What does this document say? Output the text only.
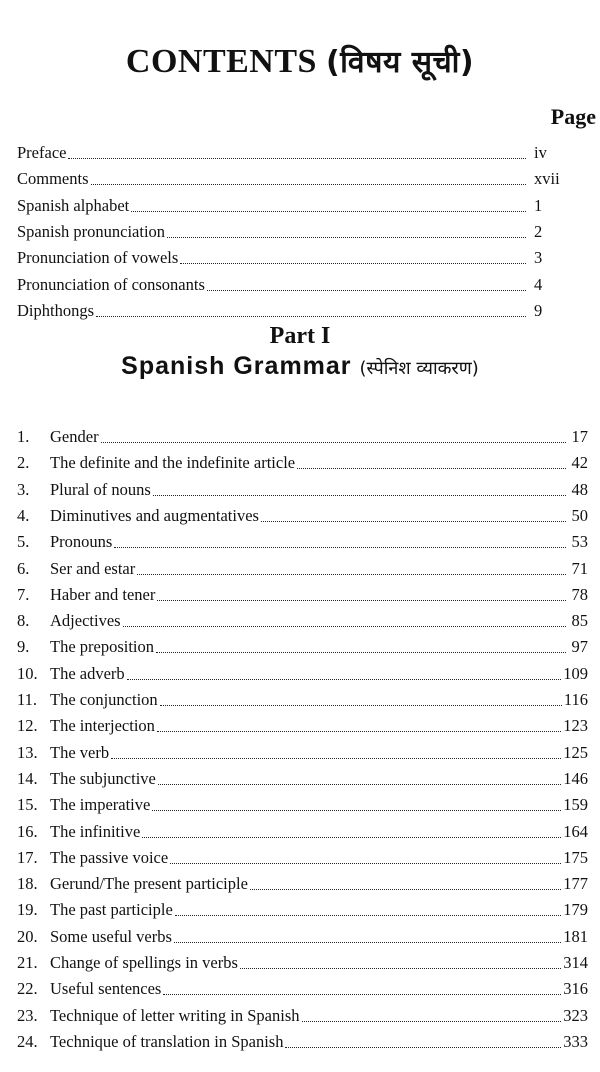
CONTENTS (विषय सूची)
Page
Preface	iv
Comments	xvii
Spanish alphabet	1
Spanish pronunciation	2
Pronunciation of vowels	3
Pronunciation of consonants	4
Diphthongs	9
Part I
Spanish Grammar (स्पेनिश व्याकरण)
1.	Gender	17
2.	The definite and the indefinite article	42
3.	Plural of nouns	48
4.	Diminutives and augmentatives	50
5.	Pronouns	53
6.	Ser and estar	71
7.	Haber and tener	78
8.	Adjectives	85
9.	The preposition	97
10. The adverb	109
11. The conjunction	116
12. The interjection	123
13. The verb	125
14. The subjunctive	146
15. The imperative	159
16. The infinitive	164
17. The passive voice	175
18. Gerund/The present participle	177
19. The past participle	179
20. Some useful verbs	181
21. Change of spellings in verbs	314
22. Useful sentences	316
23. Technique of letter writing in Spanish	323
24. Technique of translation in Spanish	333
